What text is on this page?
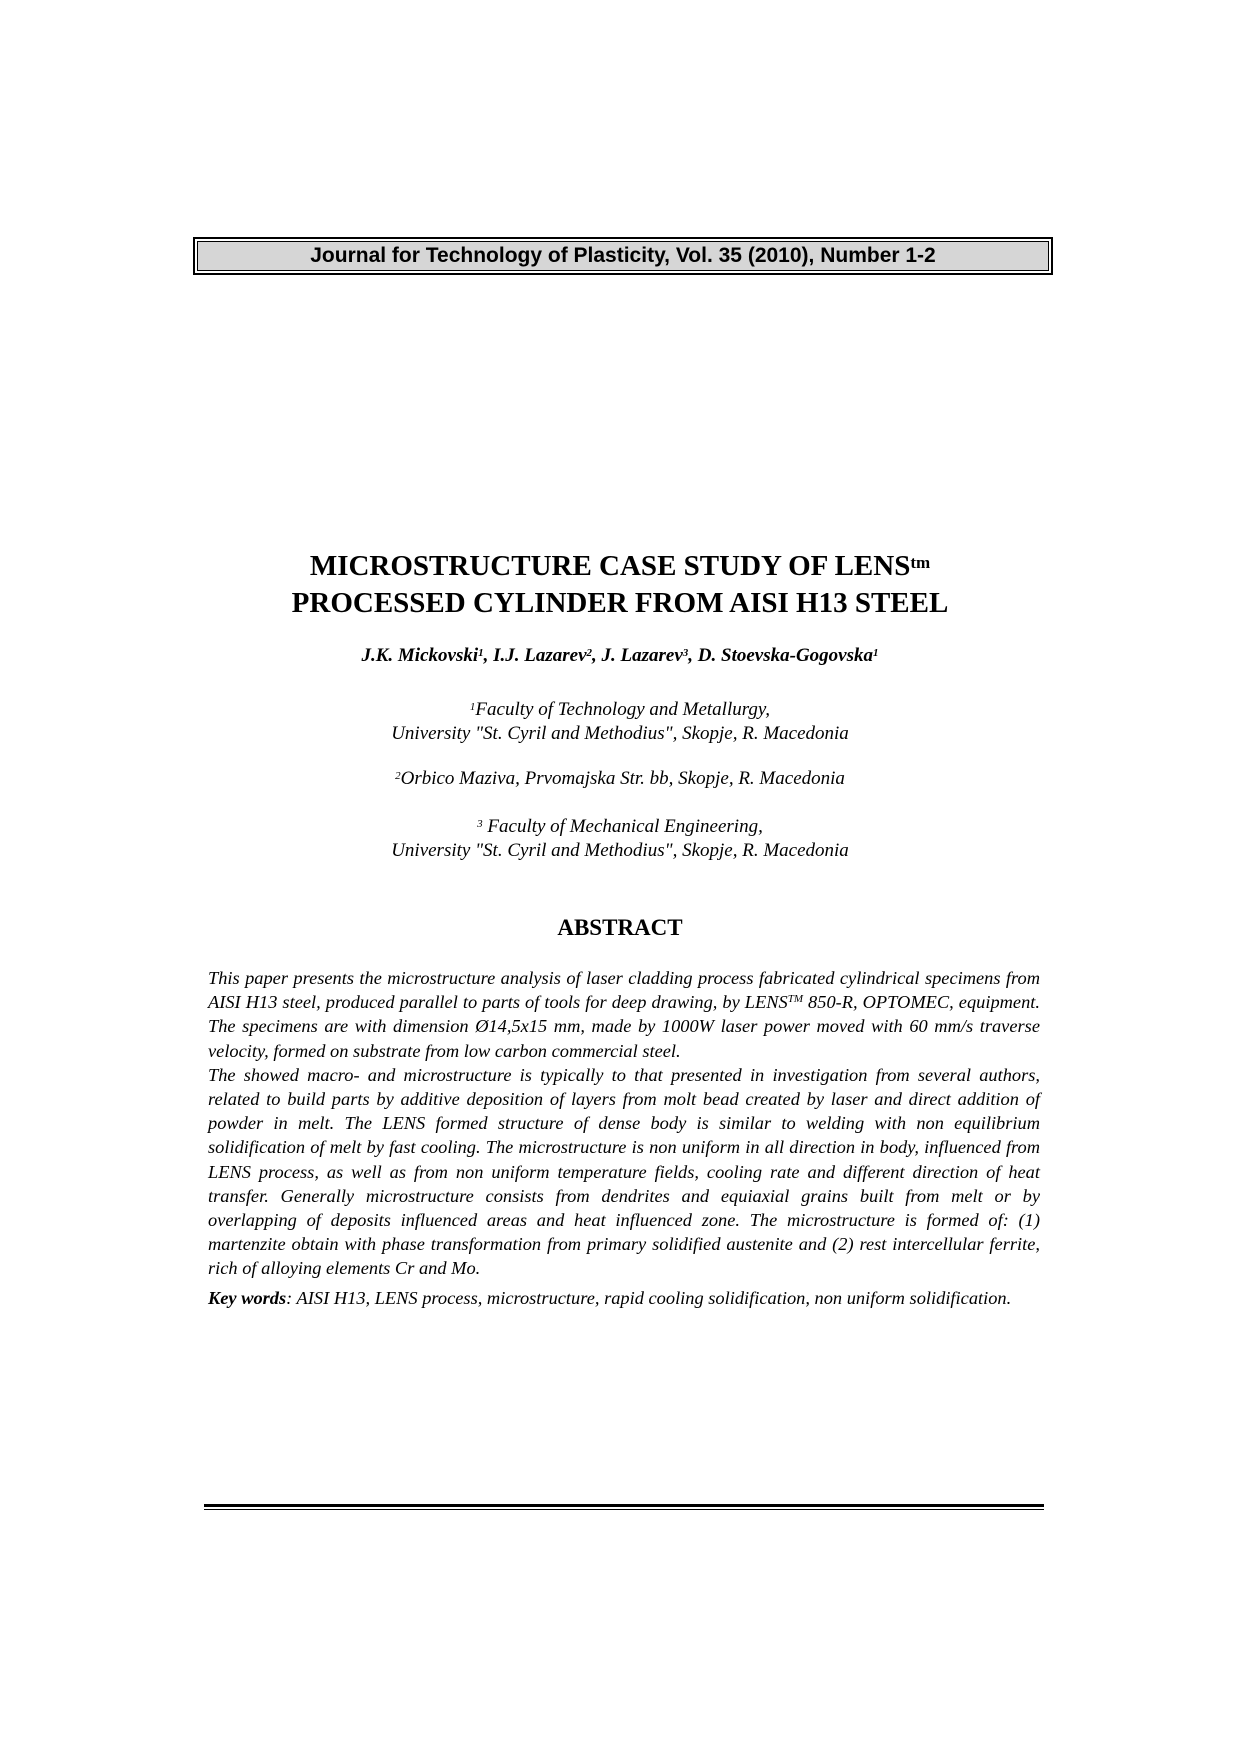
Journal for Technology of Plasticity, Vol. 35 (2010), Number 1-2
MICROSTRUCTURE CASE STUDY OF $LENS^{tm}$
PROCESSED CYLINDER FROM AISI H13 STEEL
J.K. Mickovski$^1$, I.J. Lazarev$^2$, J. Lazarev$^3$, D. Stoevska-Gogovska$^1$
$^1$Faculty of Technology and Metallurgy,
University "St. Cyril and Methodius", Skopje, R. Macedonia
$^2$Orbico Maziva, Prvomajska Str. bb, Skopje, R. Macedonia
$^3$ Faculty of Mechanical Engineering,
University "St. Cyril and Methodius", Skopje, R. Macedonia
ABSTRACT

This paper presents the microstructure analysis of laser cladding process fabricated cylindrical specimens from AISI H13 steel, produced parallel to parts of tools for deep drawing, by LENS™ 850-R, OPTOMEC, equipment. The specimens are with dimension Ø14,5x15 mm, made by 1000W laser power moved with 60 mm/s traverse velocity, formed on substrate from low carbon commercial steel.

The showed macro- and microstructure is typically to that presented in investigation from several authors, related to build parts by additive deposition of layers from molt bead created by laser and direct addition of powder in melt. The LENS formed structure of dense body is similar to welding with non equilibrium solidification of melt by fast cooling. The microstructure is non uniform in all direction in body, influenced from LENS process, as well as from non uniform temperature fields, cooling rate and different direction of heat transfer. Generally microstructure consists from dendrites and equiaxial grains built from melt or by overlapping of deposits influenced areas and heat influenced zone. The microstructure is formed of: (1) martenzite obtain with phase transformation from primary solidified austenite and (2) rest intercellular ferrite, rich of alloying elements Cr and Mo.

Key words: AISI H13, LENS process, microstructure, rapid cooling solidification, non uniform solidification.
